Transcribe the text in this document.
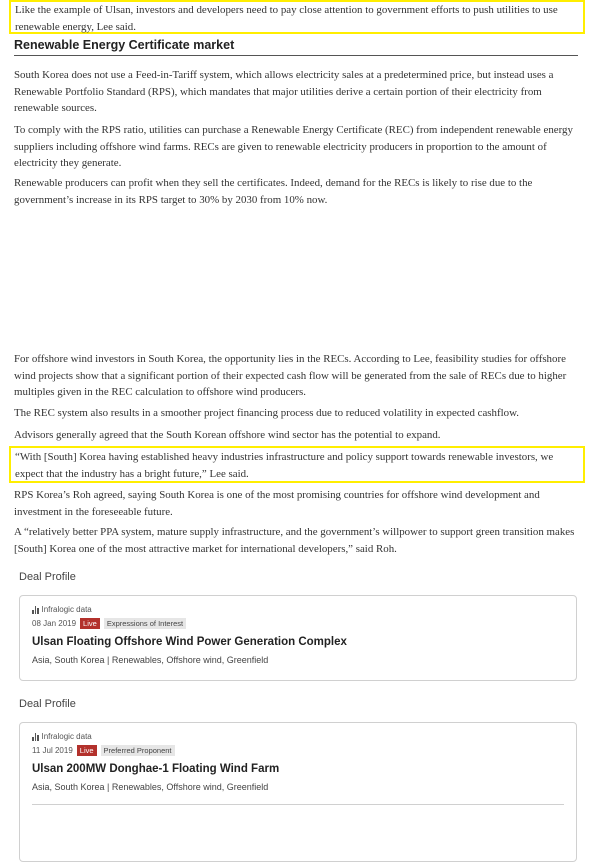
Like the example of Ulsan, investors and developers need to pay close attention to government efforts to push utilities to use renewable energy, Lee said.

Renewable Energy Certificate market

South Korea does not use a Feed-in-Tariff system, which allows electricity sales at a predetermined price, but instead uses a Renewable Portfolio Standard (RPS), which mandates that major utilities derive a certain portion of their electricity from renewable sources.

To comply with the RPS ratio, utilities can purchase a Renewable Energy Certificate (REC) from independent renewable energy suppliers including offshore wind farms. RECs are given to renewable electricity producers in proportion to the amount of electricity they generate.

Renewable producers can profit when they sell the certificates. Indeed, demand for the RECs is likely to rise due to the government’s increase in its RPS target to 30% by 2030 from 10% now.

For offshore wind investors in South Korea, the opportunity lies in the RECs. According to Lee, feasibility studies for offshore wind projects show that a significant portion of their expected cash flow will be generated from the sale of RECs due to higher multiples given in the REC calculation to offshore wind producers.

The REC system also results in a smoother project financing process due to reduced volatility in expected cashflow.

Advisors generally agreed that the South Korean offshore wind sector has the potential to expand.

“With [South] Korea having established heavy industries infrastructure and policy support towards renewable investors, we expect that the industry has a bright future,” Lee said.

RPS Korea’s Roh agreed, saying South Korea is one of the most promising countries for offshore wind development and investment in the foreseeable future.

A “relatively better PPA system, mature supply infrastructure, and the government’s willpower to support green transition makes [South] Korea one of the most attractive market for international developers,” said Roh.

Deal Profile
Infralogic data
08 Jan 2019 Live	Expressions of Interest
Ulsan Floating Offshore Wind Power Generation Complex
Asia, South Korea | Renewables, Offshore wind, Greenfield
Deal Profile
Infralogic data
11 Jul 2019 Live	Preferred Proponent
Ulsan 200MW Donghae-1 Floating Wind Farm
Asia, South Korea | Renewables, Offshore wind, Greenfield
